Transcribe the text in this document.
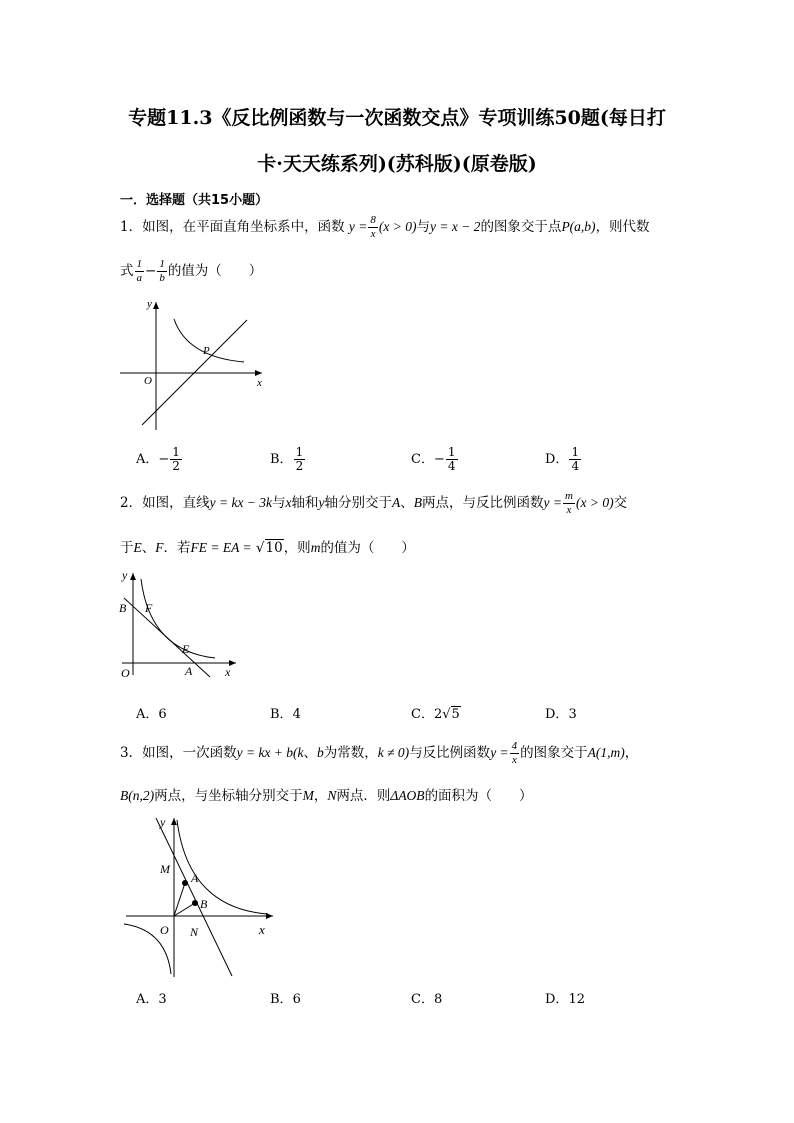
专题11.3《反比例函数与一次函数交点》专项训练50题(每日打
卡·天天练系列)(苏科版)(原卷版)
一．选择题（共15小题）
1．如图，在平面直角坐标系中，函数 $y = \frac{8}{x} (x > 0)$与y = x − 2的图象交于点P(a,b)，则代数
式 $\frac{1}{a} - \frac{1}{b}$ 的值为（　　）
y
x
O
P
A．− $\frac{1}{2}$	B． $\frac{1}{2}$	C．− $\frac{1}{4}$	D． $\frac{1}{4}$
2．如图，直线y = kx − 3k与x轴和y轴分别交于A、B两点，与反比例函数$y = \frac{m}{x} (x > 0)$交
于E、F．若FE = EA = √10，则m的值为（　　）
y
x
O
B F
E
A
A．6	B．4	C．2√5	D．3
3．如图，一次函数y = kx + b(k、b为常数，k ≠ 0)与反比例函数$y = \frac{4}{x}$ 的图象交于A(1,m)，
B(n,2)两点，与坐标轴分别交于M，N两点．则ΔAOB的面积为（　　）
y
x
O
M
A
B
N
A．3	B．6	C．8	D．12
